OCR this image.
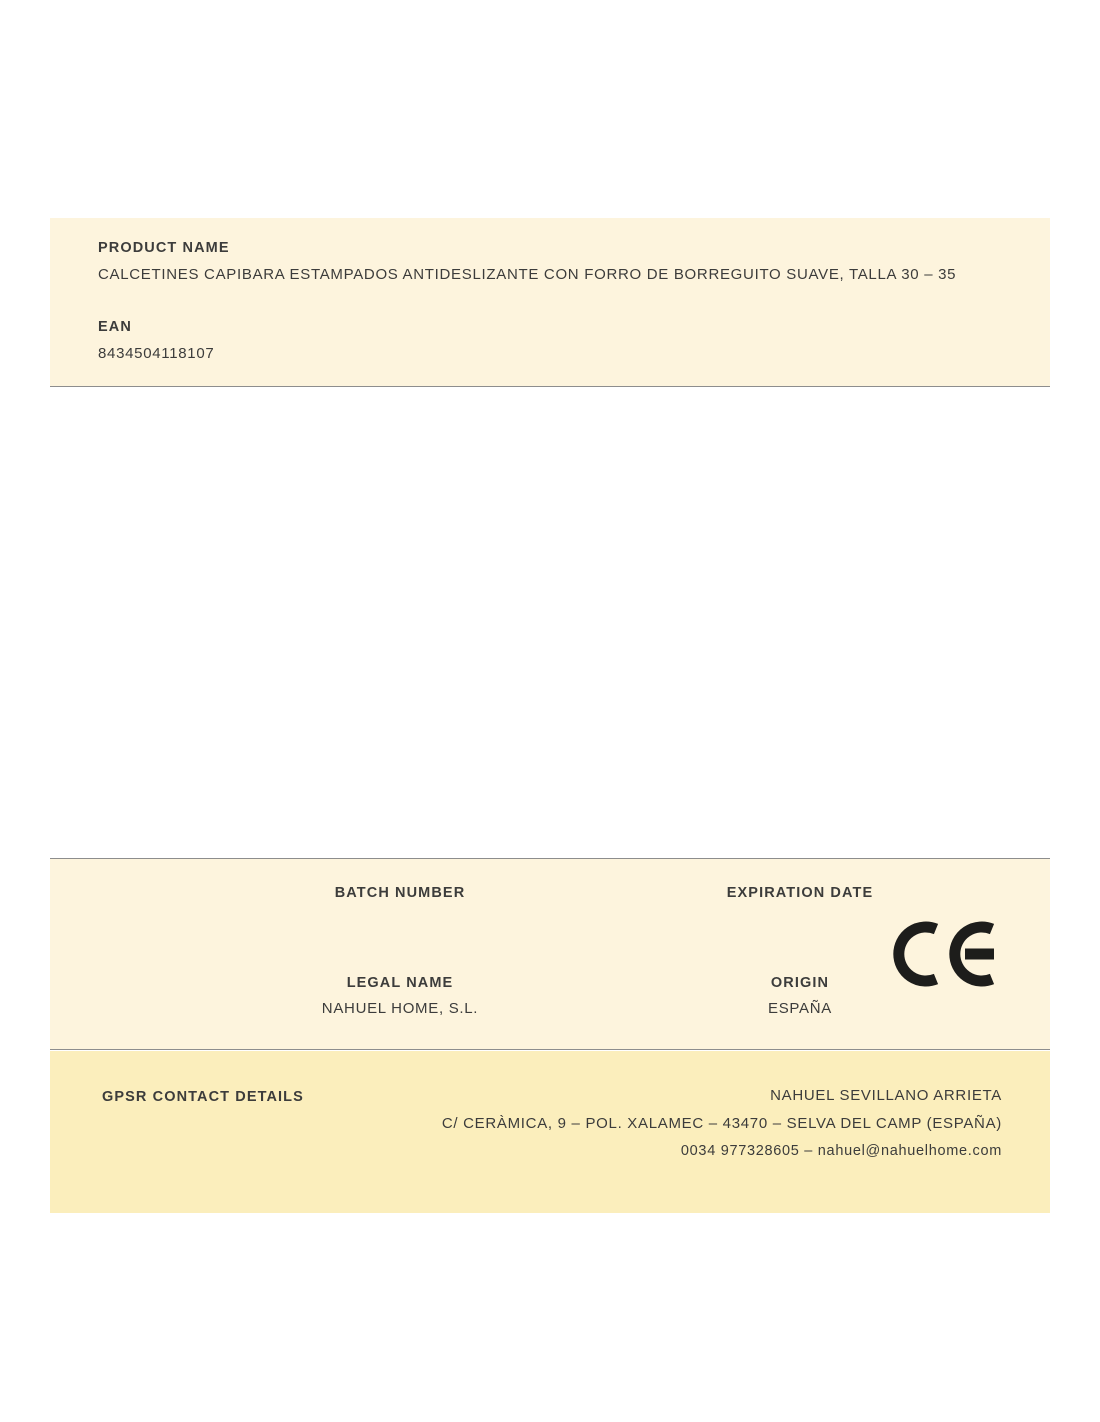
PRODUCT NAME
CALCETINES CAPIBARA ESTAMPADOS ANTIDESLIZANTE CON FORRO DE BORREGUITO SUAVE, TALLA 30 – 35
EAN
8434504118107
BATCH NUMBER	EXPIRATION DATE
LEGAL NAME
NAHUEL HOME, S.L.
ORIGIN
ESPAÑA
GPSR CONTACT DETAILS	NAHUEL SEVILLANO ARRIETA
C/ CERÀMICA, 9 – POL. XALAMEC – 43470 – SELVA DEL CAMP (ESPAÑA)
0034 977328605 – nahuel@nahuelhome.com
